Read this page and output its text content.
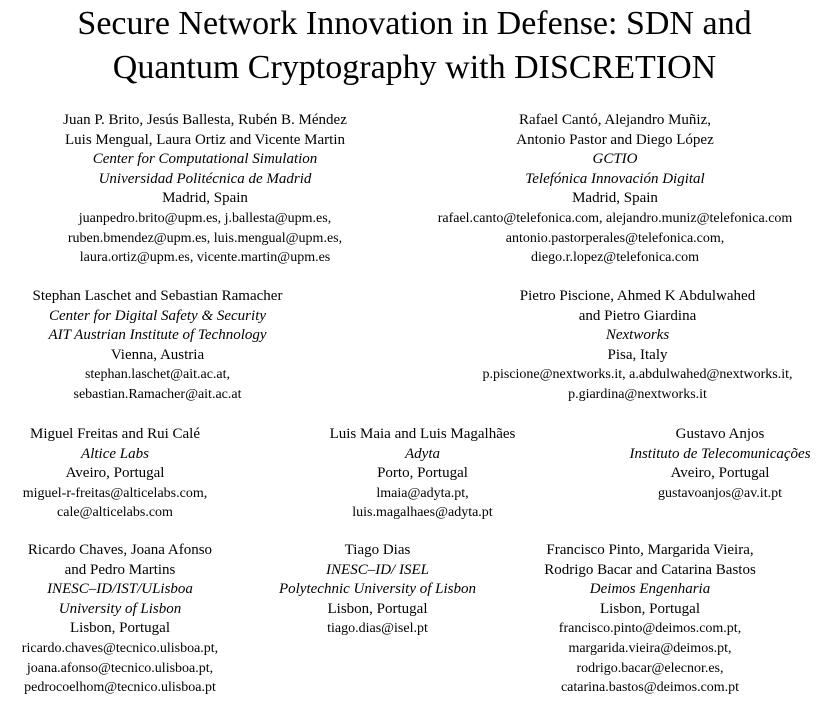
Secure Network Innovation in Defense: SDN and
Quantum Cryptography with DISCRETION
Juan P. Brito, Jesús Ballesta, Rubén B. Méndez
Luis Mengual, Laura Ortiz and Vicente Martin
Center for Computational Simulation
Universidad Politécnica de Madrid
Madrid, Spain
juanpedro.brito@upm.es, j.ballesta@upm.es,
ruben.bmendez@upm.es, luis.mengual@upm.es,
laura.ortiz@upm.es, vicente.martin@upm.es
Rafael Cantó, Alejandro Muñiz,
Antonio Pastor and Diego López
GCTIO
Telefónica Innovación Digital
Madrid, Spain
rafael.canto@telefonica.com, alejandro.muniz@telefonica.com
antonio.pastorperales@telefonica.com,
diego.r.lopez@telefonica.com
Stephan Laschet and Sebastian Ramacher
Center for Digital Safety & Security
AIT Austrian Institute of Technology
Vienna, Austria
stephan.laschet@ait.ac.at,
sebastian.Ramacher@ait.ac.at
Pietro Piscione, Ahmed K Abdulwahed
and Pietro Giardina
Nextworks
Pisa, Italy
p.piscione@nextworks.it, a.abdulwahed@nextworks.it,
p.giardina@nextworks.it
Miguel Freitas and Rui Calé
Altice Labs
Aveiro, Portugal
miguel-r-freitas@alticelabs.com,
cale@alticelabs.com
Luis Maia and Luis Magalhães
Adyta
Porto, Portugal
lmaia@adyta.pt,
luis.magalhaes@adyta.pt
Gustavo Anjos
Instituto de Telecomunicações
Aveiro, Portugal
gustavoanjos@av.it.pt
Ricardo Chaves, Joana Afonso
and Pedro Martins
INESC–ID/IST/ULisboa
University of Lisbon
Lisbon, Portugal
ricardo.chaves@tecnico.ulisboa.pt,
joana.afonso@tecnico.ulisboa.pt,
pedrocoelhom@tecnico.ulisboa.pt
Tiago Dias
INESC–ID/ ISEL
Polytechnic University of Lisbon
Lisbon, Portugal
tiago.dias@isel.pt
Francisco Pinto, Margarida Vieira,
Rodrigo Bacar and Catarina Bastos
Deimos Engenharia
Lisbon, Portugal
francisco.pinto@deimos.com.pt,
margarida.vieira@deimos.pt,
rodrigo.bacar@elecnor.es,
catarina.bastos@deimos.com.pt
